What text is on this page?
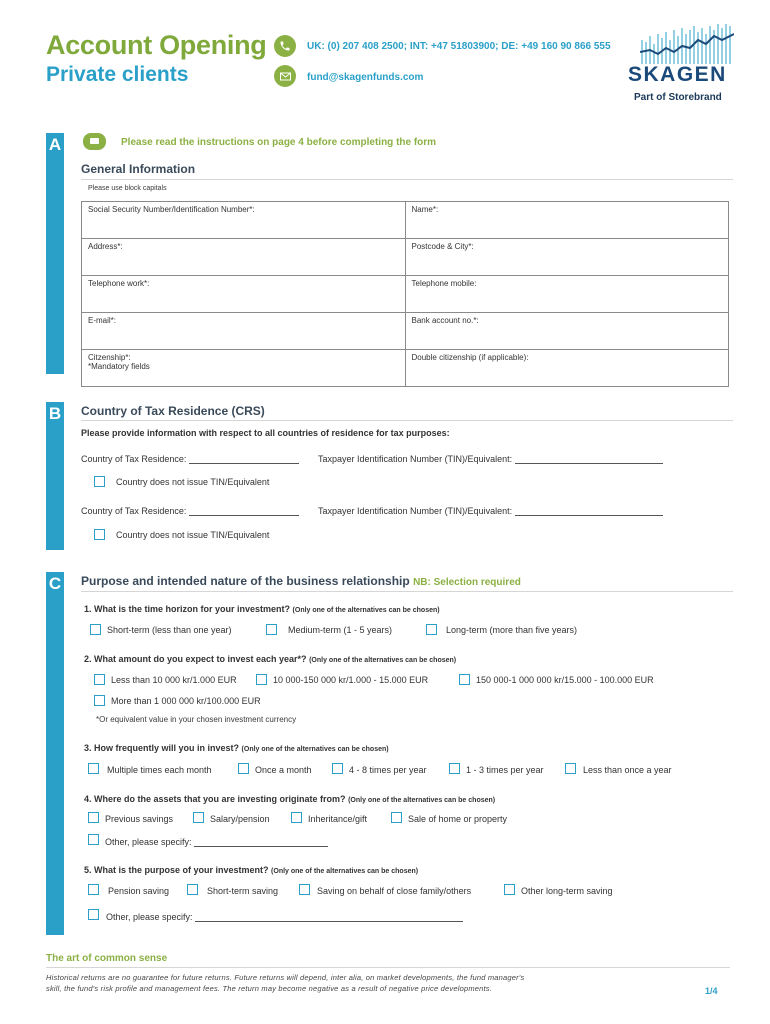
Account Opening
Private clients
UK: (0) 207 408 2500; INT: +47 51803900; DE: +49 160 90 866 555
fund@skagenfunds.com	SKAGEN
Part of Storebrand
A	Please read the instructions on page 4 before completing the form
General Information
Please use block capitals
Social Security Number/Identification Number*:	Name*:
Address*:	Postcode & City*:
Telephone work*:	Telephone mobile:
E-mail*:	Bank account no.*:
Citzenship*:	Double citizenship (if applicable):
*Mandatory fields
B Country of Tax Residence (CRS)
Please provide information with respect to all countries of residence for tax purposes:
Country of Tax Residence:	Taxpayer Identification Number (TIN)/Equivalent:
Country does not issue TIN/Equivalent
Country of Tax Residence:	Taxpayer Identification Number (TIN)/Equivalent:
Country does not issue TIN/Equivalent
C Purpose and intended nature of the business relationship NB: Selection required
1. What is the time horizon for your investment? (Only one of the alternatives can be chosen)
Short-term (less than one year)	Medium-term (1 - 5 years)	Long-term (more than five years)
2. What amount do you expect to invest each year*? (Only one of the alternatives can be chosen)
Less than 10 000 kr/1.000 EUR	10 000-150 000 kr/1.000 - 15.000 EUR	150 000-1 000 000 kr/15.000 - 100.000 EUR
More than 1 000 000 kr/100.000 EUR
*Or equivalent value in your chosen investment currency
3. How frequently will you in invest? (Only one of the alternatives can be chosen)
Multiple times each month	Once a month	4 - 8 times per year	1 - 3 times per year	Less than once a year
4. Where do the assets that you are investing originate from? (Only one of the alternatives can be chosen)
Previous savings	Salary/pension	Inheritance/gift	Sale of home or property
Other, please specify:
5. What is the purpose of your investment? (Only one of the alternatives can be chosen)
Pension saving	Short-term saving	Saving on behalf of close family/others	Other long-term saving
Other, please specify:
The art of common sense
Historical returns are no guarantee for future returns. Future returns will depend, inter alia, on market developments, the fund manager's
skill, the fund's risk profile and management fees. The return may become negative as a result of negative price developments.	1/4
